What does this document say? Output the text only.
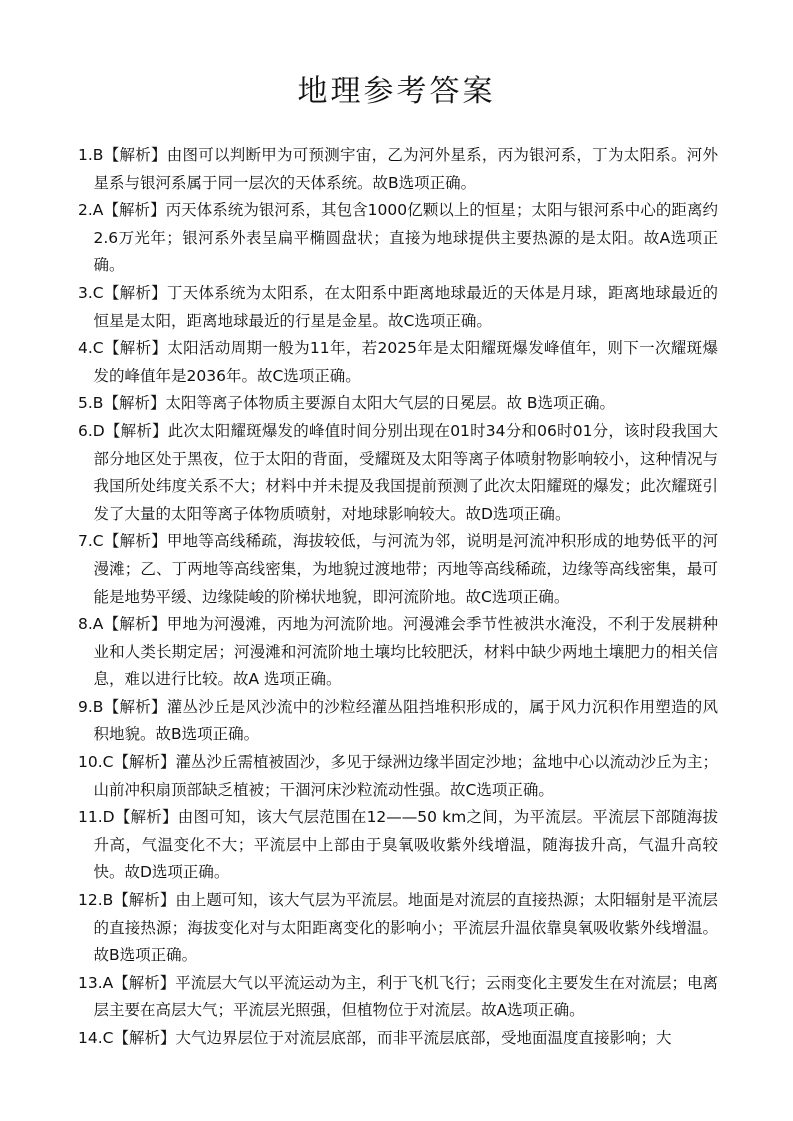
地理参考答案

1.B【解析】由图可以判断甲为可预测宇宙，乙为河外星系，丙为银河系，丁为太阳系。河外星系与银河系属于同一层次的天体系统。故B选项正确。

2.A【解析】丙天体系统为银河系，其包含1000亿颗以上的恒星；太阳与银河系中心的距离约2.6万光年；银河系外表呈扁平椭圆盘状；直接为地球提供主要热源的是太阳。故A选项正确。

3.C【解析】丁天体系统为太阳系，在太阳系中距离地球最近的天体是月球，距离地球最近的恒星是太阳，距离地球最近的行星是金星。故C选项正确。

4.C【解析】太阳活动周期一般为11年，若2025年是太阳耀斑爆发峰值年，则下一次耀斑爆发的峰值年是2036年。故C选项正确。

5.B【解析】太阳等离子体物质主要源自太阳大气层的日冕层。故 B选项正确。

6.D【解析】此次太阳耀斑爆发的峰值时间分别出现在01时34分和06时01分，该时段我国大部分地区处于黑夜，位于太阳的背面，受耀斑及太阳等离子体喷射物影响较小，这种情况与我国所处纬度关系不大；材料中并未提及我国提前预测了此次太阳耀斑的爆发；此次耀斑引发了大量的太阳等离子体物质喷射，对地球影响较大。故D选项正确。

7.C【解析】甲地等高线稀疏，海拔较低，与河流为邻，说明是河流冲积形成的地势低平的河漫滩；乙、丁两地等高线密集，为地貌过渡地带；丙地等高线稀疏，边缘等高线密集，最可能是地势平缓、边缘陡峻的阶梯状地貌，即河流阶地。故C选项正确。

8.A【解析】甲地为河漫滩，丙地为河流阶地。河漫滩会季节性被洪水淹没，不利于发展耕种业和人类长期定居；河漫滩和河流阶地土壤均比较肥沃，材料中缺少两地土壤肥力的相关信息，难以进行比较。故A 选项正确。

9.B【解析】灌丛沙丘是风沙流中的沙粒经灌丛阻挡堆积形成的，属于风力沉积作用塑造的风积地貌。故B选项正确。

10.C【解析】灌丛沙丘需植被固沙，多见于绿洲边缘半固定沙地；盆地中心以流动沙丘为主；山前冲积扇顶部缺乏植被；干涸河床沙粒流动性强。故C选项正确。

11.D【解析】由图可知，该大气层范围在12——50 km之间，为平流层。平流层下部随海拔升高，气温变化不大；平流层中上部由于臭氧吸收紫外线增温，随海拔升高，气温升高较快。故D选项正确。

12.B【解析】由上题可知，该大气层为平流层。地面是对流层的直接热源；太阳辐射是平流层的直接热源；海拔变化对与太阳距离变化的影响小；平流层升温依靠臭氧吸收紫外线增温。故B选项正确。

13.A【解析】平流层大气以平流运动为主，利于飞机飞行；云雨变化主要发生在对流层；电离层主要在高层大气；平流层光照强，但植物位于对流层。故A选项正确。

14.C【解析】大气边界层位于对流层底部，而非平流层底部，受地面温度直接影响；大
